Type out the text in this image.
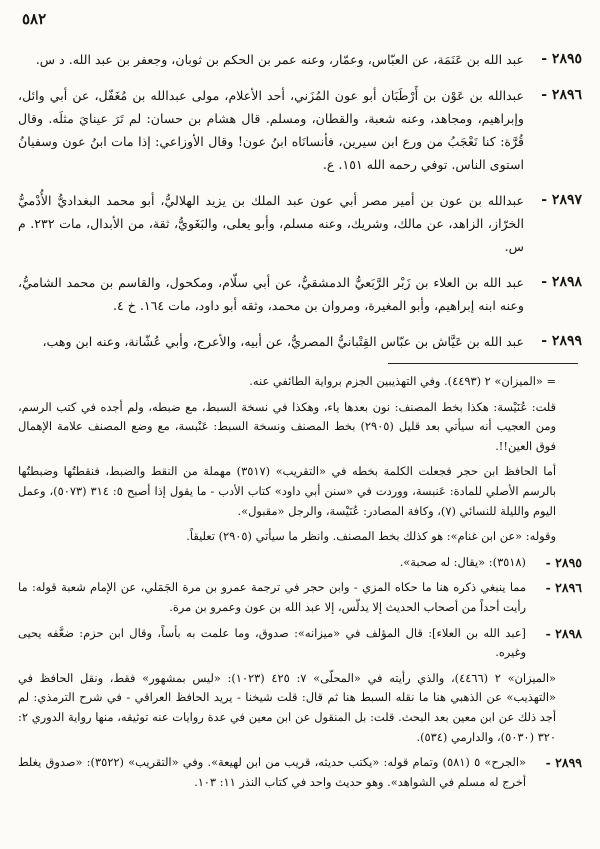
٥٨٢
٢٨٩٥ -
عبد الله بن عَنَمَة، عن العبّاس، وعمّار، وعنه عمر بن الحكم بن ثوبان، وجعفر بن عبد الله. د س.
٢٨٩٦ -
عبدالله بن عَوْن بن أَرْطَبَان أبو عون المُزَني، أحد الأعلام، مولى عبدالله بن مُغَفّل، عن أبي وائل، وإبراهيم، ومجاهد، وعنه شعبة، والقطان، ومسلم. قال هشام بن حسان: لم تَرَ عينايَ مثلَه. وقال قُرَّة: كنا نَعْجَبُ من ورع ابن سيرين، فأنسانَاه ابنُ عون! وقال الأوزاعي: إذا مات ابنُ عون وسفيانُ استوى الناس. توفي رحمه الله ١٥١. ع.
٢٨٩٧ -
عبدالله بن عون بن أمير مصر أبي عون عبد الملك بن يزيد الهلاليُّ، أبو محمد البغداديُّ الأُدْميُّ الخرّاز، الزاهد، عن مالك، وشريك، وعنه مسلم، وأبو يعلى، والبَغَويُّ، ثقة، من الأبدال، مات ٢٣٢. م س.
٢٨٩٨ -
عبد الله بن العلاء بن زَبْر الرَّبَعيُّ الدمشقيُّ، عن أبي سلّام، ومكحول، والقاسم بن محمد الشاميُّ، وعنه ابنه إبراهيم، وأبو المغيرة، ومروان بن محمد، وثقه أبو داود، مات ١٦٤. خ ٤.
٢٨٩٩ -
عبد الله بن عَيَّاش بن عبّاس القِتْبانيُّ المصريُّ، عن أبيه، والأعرج، وأبي عُشّانة، وعنه ابن وهب،
= «الميزان» ٢ (٤٤٩٣). وفي التهذيبين الجزم برواية الطائفي عنه.
قلت: عُنَيْسة: هكذا بخط المصنف: نون بعدها ياء، وهكذا في نسخة السبط، مع ضبطه، ولم أجده في كتب الرسم، ومن العجيب أنه سيأتي بعد قليل (٢٩٠٥) بخط المصنف ونسخة السبط: عَنْبسة، مع وضع المصنف علامة الإهمال فوق العين!!.
أما الحافظ ابن حجر فجعلت الكلمة بخطه في «التقريب» (٣٥١٧) مهملة من النقط والضبط، فنقطتُها وضبطتُها بالرسم الأصلي للمادة: عَنبسة، ووردت في «سنن أبي داود» كتاب الأدب - ما يقول إذا أصبح ٥: ٣١٤ (٥٠٧٣)، وعمل اليوم والليلة للنسائي (٧)، وكافة المصادر: عُنَيْسة، والرجل «مقبول».
وقوله: «عن ابن غنام»: هو كذلك بخط المصنف. وانظر ما سيأتي (٢٩٠٥) تعليقاً.
٢٨٩٥ -
(٣٥١٨): «يقال: له صحبة».
٢٨٩٦ -
مما ينبغي ذكره هنا ما حكاه المزي - وابن حجر في ترجمة عمرو بن مرة الجَمَلي، عن الإمام شعبة قوله: ما رأيت أحداً من أصحاب الحديث إلا يدلّس، إلا عبد الله بن عون وعمرو بن مرة.
٢٨٩٨ -
[عبد الله بن العلاء]: قال المؤلف في «ميزانه»: صدوق، وما علمت به بأساً، وقال ابن حزم: ضعَّفه يحيى وغيره.
«الميزان» ٢ (٤٤٦٦)، والذي رأيته في «المحلّى» ٧: ٤٢٥ (١٠٢٣): «ليس بمشهور» فقط، ونقل الحافظ في «التهذيب» عن الذهبي هنا ما نقله السبط هنا ثم قال: قلت شيخنا - يريد الحافظ العراقي - في شرح الترمذي: لم أجد ذلك عن ابن معين بعد البحث. قلت: بل المنقول عن ابن معين في عدة روايات عنه توثيقه، منها رواية الدوري ٢: ٣٢٠ (٥٠٣٠)، والدارمي (٥٣٤).
٢٨٩٩ -
«الجرح» ٥ (٥٨١) وتمام قوله: «يكتب حديثه، قريب من ابن لهيعة». وفي «التقريب» (٣٥٢٢): «صدوق يغلط أخرج له مسلم في الشواهد». وهو حديث واحد في كتاب النذر ١١: ١٠٣.
